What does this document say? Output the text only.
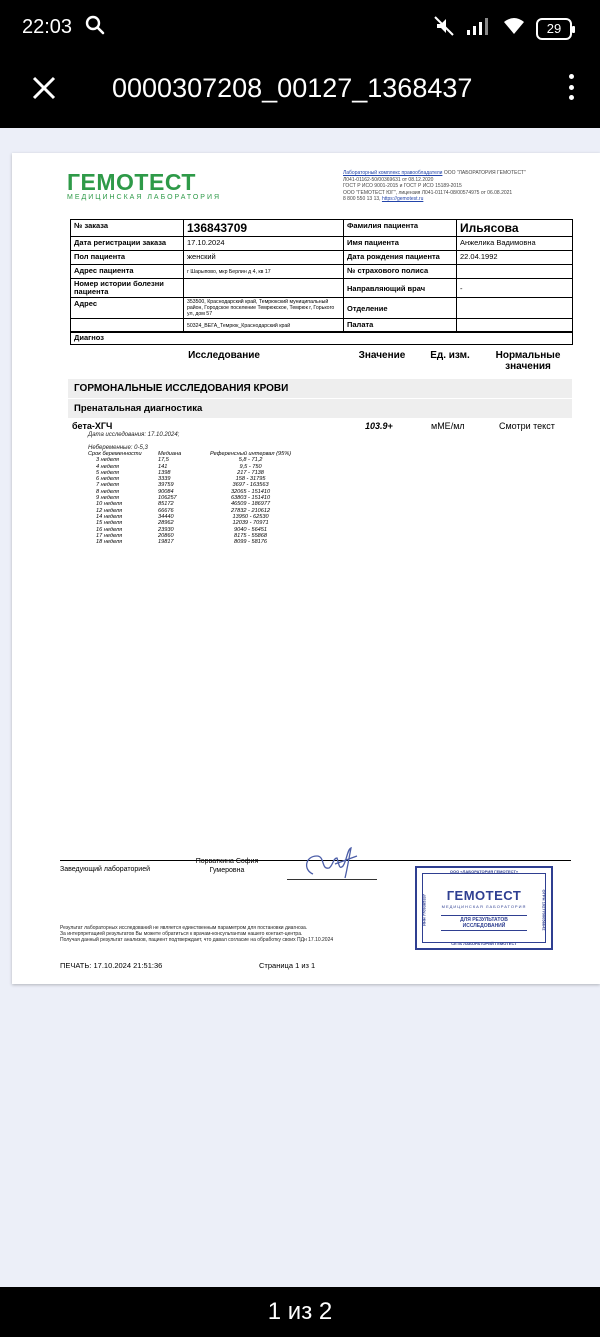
22:03	29
0000307208_00127_1368437
ГЕМОТЕСТ
МЕДИЦИНСКАЯ ЛАБОРАТОРИЯ
Лабораторный комплекс правообладатели ООО "ЛАБОРАТОРИЯ ГЕМОТЕСТ"
Л041-01162-50/00369631 от 08.12.2020
ГОСТ Р ИСО 9001-2015 и ГОСТ Р ИСО 15189-2015
ООО "ГЕМОТЕСТ ЮГ", лицензия Л041-01174-08/00574975 от 06.08.2021
8 800 550 13 13, https://gemotest.ru
№ заказа	136843709	Фамилия пациента	Ильясова
Дата регистрации заказа	17.10.2024	Имя пациента	Анжелика Вадимовна
Пол пациента	женский	Дата рождения пациента	22.04.1992
Адрес пациента	г Шарыпово, мкр Берлин д 4, кв 17	№ страхового полиса	
Номер истории болезни пациента		Направляющий врач	-
Адрес	353500, Краснодарский край, Темрюкский муниципальный район, Городское поселение Темрюкское, Темрюк г, Горького ул, дом 57	Отделение	
	50324_ВЕГА_Темрюк_Краснодарский край	Палата	
Диагноз
Исследование	Значение	Ед. изм.	Нормальные значения
ГОРМОНАЛЬНЫЕ ИССЛЕДОВАНИЯ КРОВИ
Пренатальная диагностика
бета-ХГЧ	103.9+	мМЕ/мл	Смотри текст
Дата исследования: 17.10.2024;
Небеременные: 0-5,3
Срок беременности	Медиана	Референсный интервал (95%)
3 неделя	17,5	5,8 - 71,2
4 неделя	141	9,5 - 750
5 неделя	1398	217 - 7138
6 неделя	3339	158 - 31795
7 неделя	39759	3697 - 163563
8 неделя	90084	32065 - 151410
9 неделя	106257	63803 - 151410
10 неделя	85172	46509 - 186977
12 неделя	66676	27832 - 210612
14 неделя	34440	13950 - 62530
15 неделя	28962	12039 - 70971
16 неделя	23930	9040 - 56451
17 неделя	20860	8175 - 55868
18 неделя	19817	8099 - 58176
Заведующий лабораторией
Порваткина София
Гумеровна	ООО «ЛАБОРАТОРИЯ ГЕМОТЕСТ»
ГЕМОТЕСТ
МЕДИЦИНСКАЯ ЛАБОРАТОРИЯ
ДЛЯ РЕЗУЛЬТАТОВ
ИССЛЕДОВАНИЙ
СЕТЬ ЛАБОРАТОРИЙ ГЕМОТЕСТ
ИНН 7709385337	ОГРН 1027700056642
Результат лабораторных исследований не является единственным параметром для постановки диагноза.
За интерпретацией результатов Вы можете обратиться к врачам-консультантам нашего контакт-центра.
Получая данный результат анализов, пациент подтверждает, что давал согласие на обработку своих ПДн 17.10.2024
ПЕЧАТЬ: 17.10.2024 21:51:36	Страница 1 из 1
1 из 2
